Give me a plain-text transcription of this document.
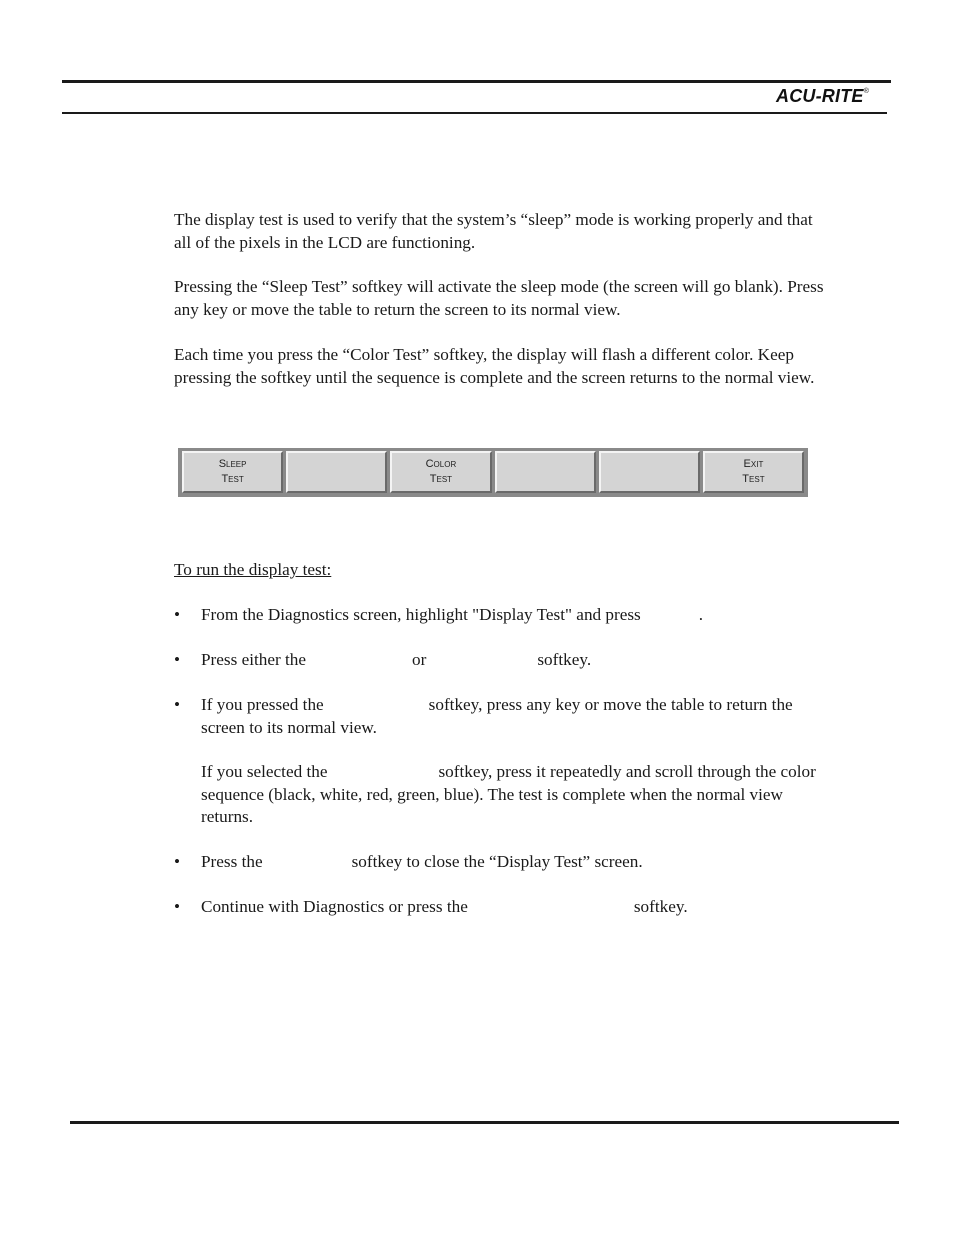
ACU-RITE®
The display test is used to verify that the system’s “sleep” mode is working properly and that all of the pixels in the LCD are functioning.
Pressing the “Sleep Test” softkey will activate the sleep mode (the screen will go blank). Press any key or move the table to return the screen to its normal view.
Each time you press the “Color Test” softkey, the display will flash a different color. Keep pressing the softkey until the sequence is complete and the screen returns to the normal view.
Sleep
Test
Color
Test
Exit
Test
To run the display test:
• From the Diagnostics screen, highlight "Display Test" and press	.
• Press either the	or	softkey.
• If you pressed the	softkey, press any key or move the table to return the screen to its normal view.
If you selected the	softkey, press it repeatedly and scroll through the color sequence (black, white, red, green, blue). The test is complete when the normal view returns.
• Press the	softkey to close the “Display Test” screen.
• Continue with Diagnostics or press the	softkey.
